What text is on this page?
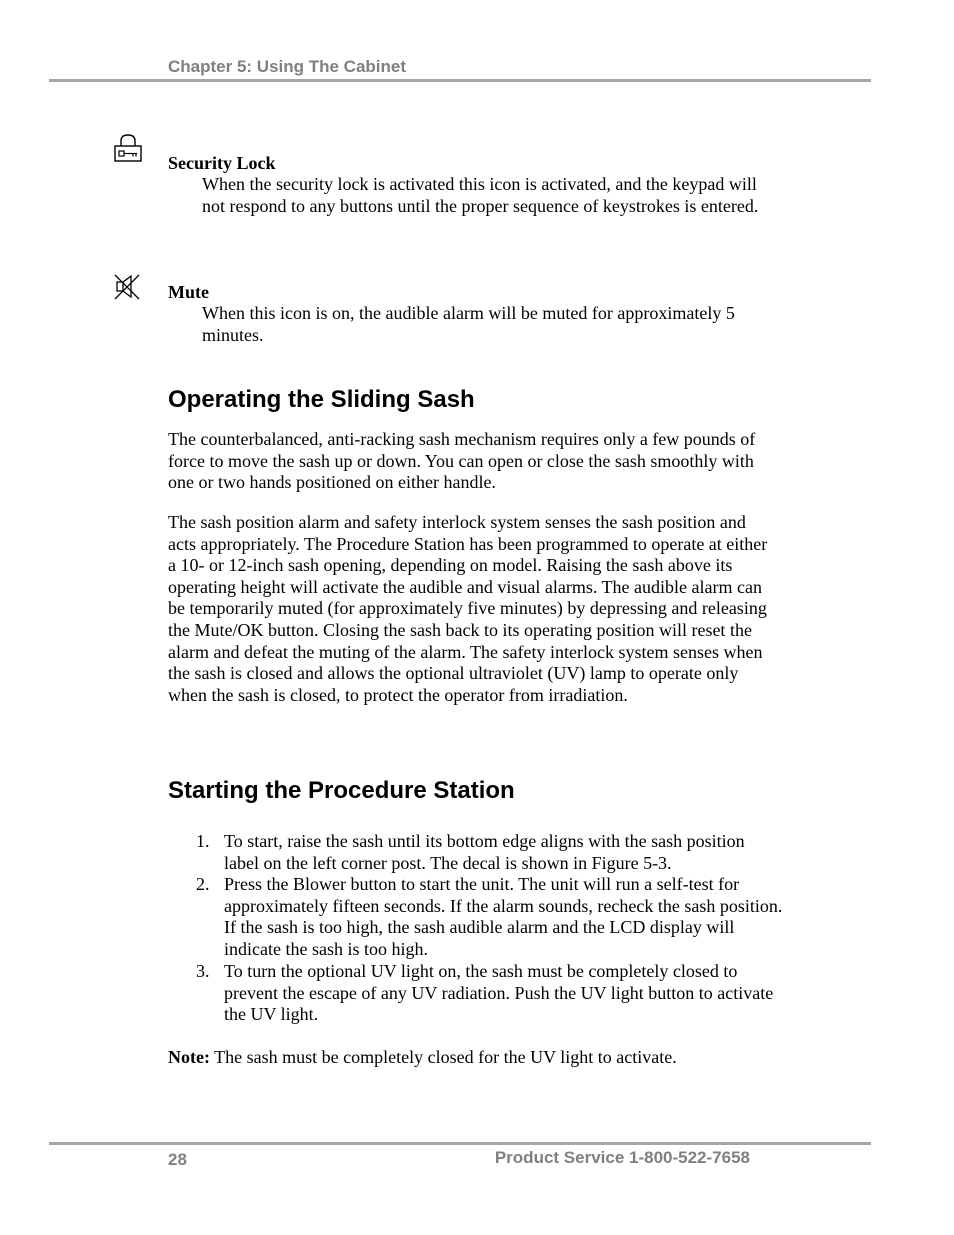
Chapter 5: Using The Cabinet
Security Lock
When the security lock is activated this icon is activated, and the keypad will not respond to any buttons until the proper sequence of keystrokes is entered.
Mute
When this icon is on, the audible alarm will be muted for approximately 5 minutes.
Operating the Sliding Sash
The counterbalanced, anti-racking sash mechanism requires only a few pounds of force to move the sash up or down. You can open or close the sash smoothly with one or two hands positioned on either handle.
The sash position alarm and safety interlock system senses the sash position and acts appropriately. The Procedure Station has been programmed to operate at either a 10- or 12-inch sash opening, depending on model. Raising the sash above its operating height will activate the audible and visual alarms. The audible alarm can be temporarily muted (for approximately five minutes) by depressing and releasing the Mute/OK button. Closing the sash back to its operating position will reset the alarm and defeat the muting of the alarm. The safety interlock system senses when the sash is closed and allows the optional ultraviolet (UV) lamp to operate only when the sash is closed, to protect the operator from irradiation.
Starting the Procedure Station
1. To start, raise the sash until its bottom edge aligns with the sash position label on the left corner post. The decal is shown in Figure 5-3.
2. Press the Blower button to start the unit. The unit will run a self-test for approximately fifteen seconds. If the alarm sounds, recheck the sash position. If the sash is too high, the sash audible alarm and the LCD display will indicate the sash is too high.
3. To turn the optional UV light on, the sash must be completely closed to prevent the escape of any UV radiation. Push the UV light button to activate the UV light.
Note: The sash must be completely closed for the UV light to activate.
28	Product Service 1-800-522-7658
